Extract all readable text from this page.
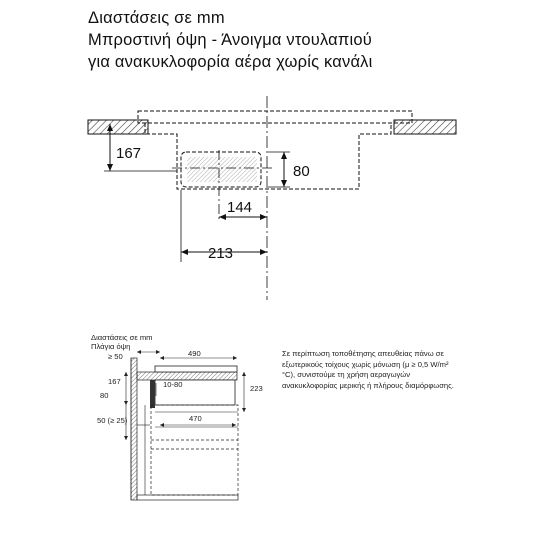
Διαστάσεις σε mm
Μπροστινή όψη - Άνοιγμα ντουλαπιού
για ανακυκλοφορία αέρα χωρίς κανάλι
167
80
144
213
Διαστάσεις σε mm
Πλάγια όψη
≥ 50	490
167	10-80	223
80
470
50 (≥ 25)
Σε περίπτωση τοποθέτησης απευθείας πάνω σε εξωτερικούς τοίχους χωρίς μόνωση (μ ≥ 0,5 W/m² °C), συνιστούμε τη χρήση αεραγωγών ανακυκλοφορίας μερικής ή πλήρους διαμόρφωσης.
